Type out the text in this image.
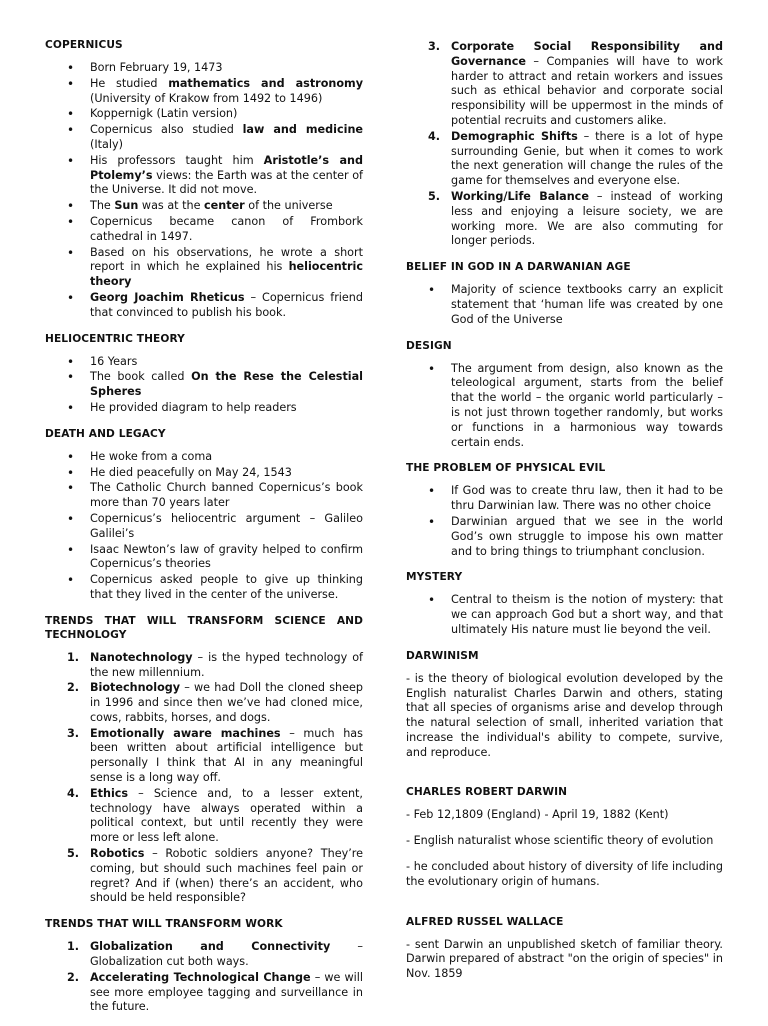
COPERNICUS
• Born February 19, 1473
• He studied mathematics and astronomy (University of Krakow from 1492 to 1496)
• Koppernigk (Latin version)
• Copernicus also studied law and medicine (Italy)
• His professors taught him Aristotle’s and Ptolemy’s views: the Earth was at the center of the Universe. It did not move.
• The Sun was at the center of the universe
• Copernicus became canon of Frombork cathedral in 1497.
• Based on his observations, he wrote a short report in which he explained his heliocentric theory
• Georg Joachim Rheticus – Copernicus friend that convinced to publish his book.
HELIOCENTRIC THEORY
• 16 Years
• The book called On the Rese the Celestial Spheres
• He provided diagram to help readers
DEATH AND LEGACY
• He woke from a coma
• He died peacefully on May 24, 1543
• The Catholic Church banned Copernicus’s book more than 70 years later
• Copernicus’s heliocentric argument – Galileo Galilei’s
• Isaac Newton’s law of gravity helped to confirm Copernicus’s theories
• Copernicus asked people to give up thinking that they lived in the center of the universe.
TRENDS THAT WILL TRANSFORM SCIENCE AND TECHNOLOGY
1. Nanotechnology – is the hyped technology of the new millennium.
2. Biotechnology – we had Doll the cloned sheep in 1996 and since then we’ve had cloned mice, cows, rabbits, horses, and dogs.
3. Emotionally aware machines – much has been written about artificial intelligence but personally I think that AI in any meaningful sense is a long way off.
4. Ethics – Science and, to a lesser extent, technology have always operated within a political context, but until recently they were more or less left alone.
5. Robotics – Robotic soldiers anyone? They’re coming, but should such machines feel pain or regret? And if (when) there’s an accident, who should be held responsible?
TRENDS THAT WILL TRANSFORM WORK
1. Globalization and Connectivity – Globalization cut both ways.
2. Accelerating Technological Change – we will see more employee tagging and surveillance in the future.
3. Corporate Social Responsibility and Governance – Companies will have to work harder to attract and retain workers and issues such as ethical behavior and corporate social responsibility will be uppermost in the minds of potential recruits and customers alike.
4. Demographic Shifts – there is a lot of hype surrounding Genie, but when it comes to work the next generation will change the rules of the game for themselves and everyone else.
5. Working/Life Balance – instead of working less and enjoying a leisure society, we are working more. We are also commuting for longer periods.
BELIEF IN GOD IN A DARWANIAN AGE
• Majority of science textbooks carry an explicit statement that ‘human life was created by one God of the Universe
DESIGN
• The argument from design, also known as the teleological argument, starts from the belief that the world – the organic world particularly – is not just thrown together randomly, but works or functions in a harmonious way towards certain ends.
THE PROBLEM OF PHYSICAL EVIL
• If God was to create thru law, then it had to be thru Darwinian law. There was no other choice
• Darwinian argued that we see in the world God’s own struggle to impose his own matter and to bring things to triumphant conclusion.
MYSTERY
• Central to theism is the notion of mystery: that we can approach God but a short way, and that ultimately His nature must lie beyond the veil.
DARWINISM

- is the theory of biological evolution developed by the English naturalist Charles Darwin and others, stating that all species of organisms arise and develop through the natural selection of small, inherited variation that increase the individual's ability to compete, survive, and reproduce.

CHARLES ROBERT DARWIN

- Feb 12,1809 (England) - April 19, 1882 (Kent)

- English naturalist whose scientific theory of evolution

- he concluded about history of diversity of life including the evolutionary origin of humans.

ALFRED RUSSEL WALLACE

- sent Darwin an unpublished sketch of familiar theory. Darwin prepared of abstract "on the origin of species" in Nov. 1859
